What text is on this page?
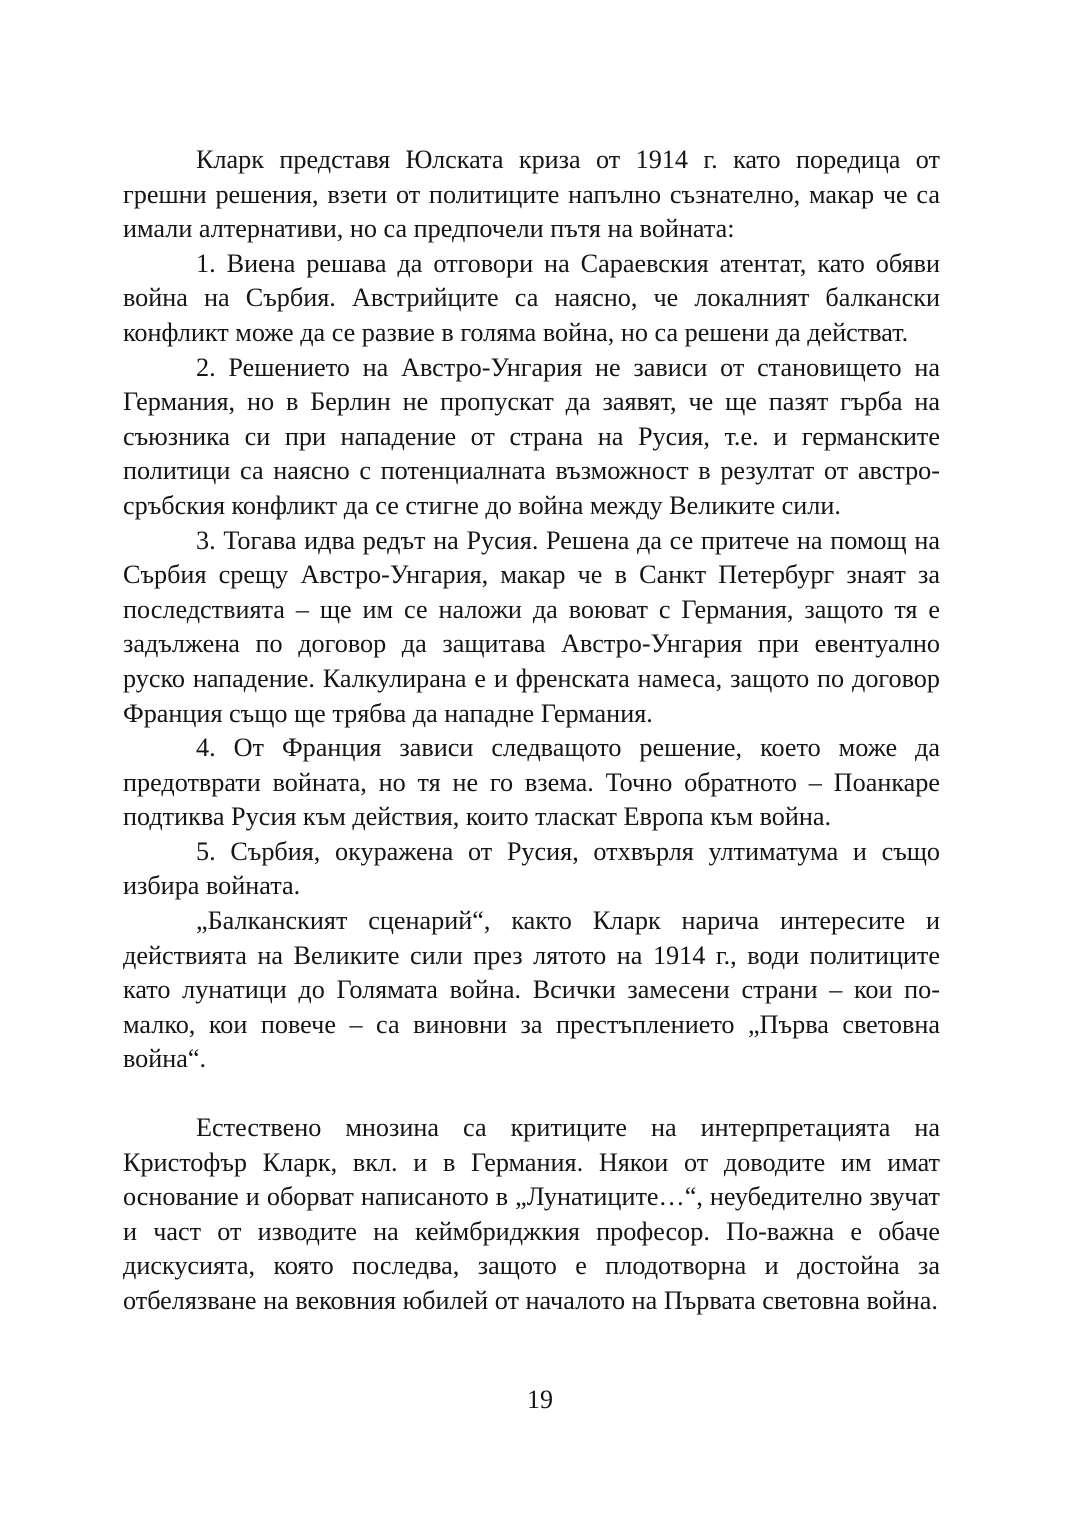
Кларк представя Юлската криза от 1914 г. като поредица от грешни решения, взети от политиците напълно съзнателно, макар че са имали алтернативи, но са предпочели пътя на войната:

1. Виена решава да отговори на Сараевския атентат, като обяви война на Сърбия. Австрийците са наясно, че локалният балкански конфликт може да се развие в голяма война, но са решени да действат.

2. Решението на Австро-Унгария не зависи от становището на Германия, но в Берлин не пропускат да заявят, че ще пазят гърба на съюзника си при нападение от страна на Русия, т.е. и германските политици са наясно с потенциалната възможност в резултат от австро-сръбския конфликт да се стигне до война между Великите сили.

3. Тогава идва редът на Русия. Решена да се притече на помощ на Сърбия срещу Австро-Унгария, макар че в Санкт Петербург знаят за последствията – ще им се наложи да воюват с Германия, защото тя е задължена по договор да защитава Австро-Унгария при евентуално руско нападение. Калкулирана е и френската намеса, защото по договор Франция също ще трябва да нападне Германия.

4. От Франция зависи следващото решение, което може да предотврати войната, но тя не го взема. Точно обратното – Поанкаре подтиква Русия към действия, които тласкат Европа към война.

5. Сърбия, окуражена от Русия, отхвърля ултиматума и също избира войната.

„Балканският сценарий“, както Кларк нарича интересите и действията на Великите сили през лятото на 1914 г., води политиците като лунатици до Голямата война. Всички замесени страни – кои по-малко, кои повече – са виновни за престъплението „Първа световна война“.

Естествено мнозина са критиците на интерпретацията на Кристофър Кларк, вкл. и в Германия. Някои от доводите им имат основание и оборват написаното в „Лунатиците…“, неубедително звучат и част от изводите на кеймбриджкия професор. По-важна е обаче дискусията, която последва, защото е плодотворна и достойна за отбелязване на вековния юбилей от началото на Първата световна война.

19
